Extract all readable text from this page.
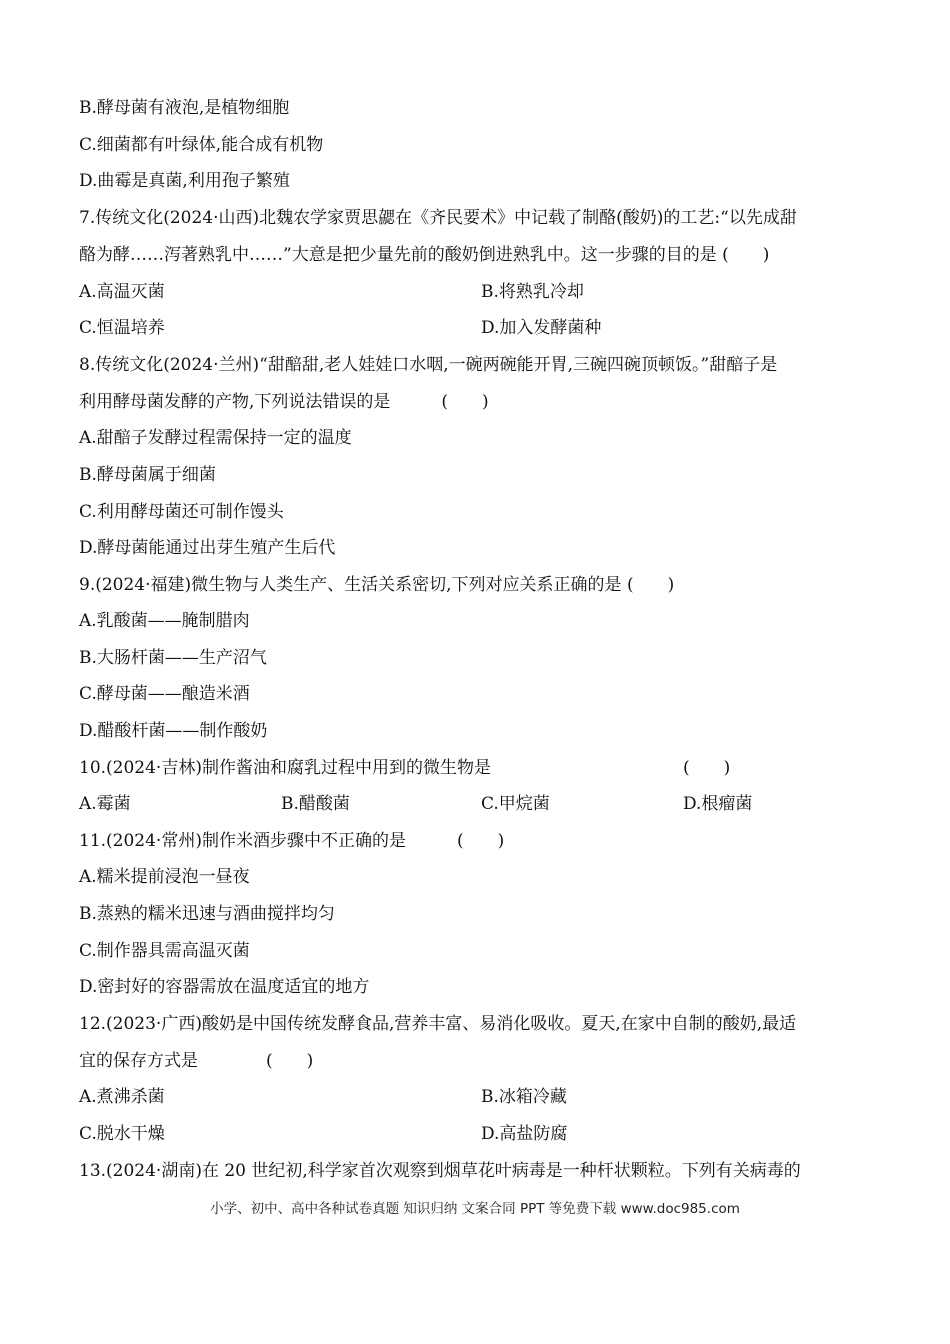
B.酵母菌有液泡,是植物细胞
C.细菌都有叶绿体,能合成有机物
D.曲霉是真菌,利用孢子繁殖
7.传统文化(2024·山西)北魏农学家贾思勰在《齐民要术》中记载了制酪(酸奶)的工艺:“以先成甜
酪为酵……泻著熟乳中……”大意是把少量先前的酸奶倒进熟乳中。这一步骤的目的是 (　　)
A.高温灭菌	B.将熟乳冷却
C.恒温培养	D.加入发酵菌种
8.传统文化(2024·兰州)“甜醅甜,老人娃娃口水咽,一碗两碗能开胃,三碗四碗顶顿饭。”甜醅子是
利用酵母菌发酵的产物,下列说法错误的是　　　(　　)
A.甜醅子发酵过程需保持一定的温度
B.酵母菌属于细菌
C.利用酵母菌还可制作馒头
D.酵母菌能通过出芽生殖产生后代
9.(2024·福建)微生物与人类生产、生活关系密切,下列对应关系正确的是 (　　)
A.乳酸菌——腌制腊肉
B.大肠杆菌——生产沼气
C.酵母菌——酿造米酒
D.醋酸杆菌——制作酸奶
10.(2024·吉林)制作酱油和腐乳过程中用到的微生物是	(　　)
A.霉菌	B.醋酸菌	C.甲烷菌	D.根瘤菌
11.(2024·常州)制作米酒步骤中不正确的是　　　(　　)
A.糯米提前浸泡一昼夜
B.蒸熟的糯米迅速与酒曲搅拌均匀
C.制作器具需高温灭菌
D.密封好的容器需放在温度适宜的地方
12.(2023·广西)酸奶是中国传统发酵食品,营养丰富、易消化吸收。夏天,在家中自制的酸奶,最适
宜的保存方式是　　　　(　　)
A.煮沸杀菌	B.冰箱冷藏
C.脱水干燥	D.高盐防腐
13.(2024·湖南)在 20 世纪初,科学家首次观察到烟草花叶病毒是一种杆状颗粒。下列有关病毒的
小学、初中、高中各种试卷真题 知识归纳 文案合同 PPT 等免费下载 www.doc985.com
